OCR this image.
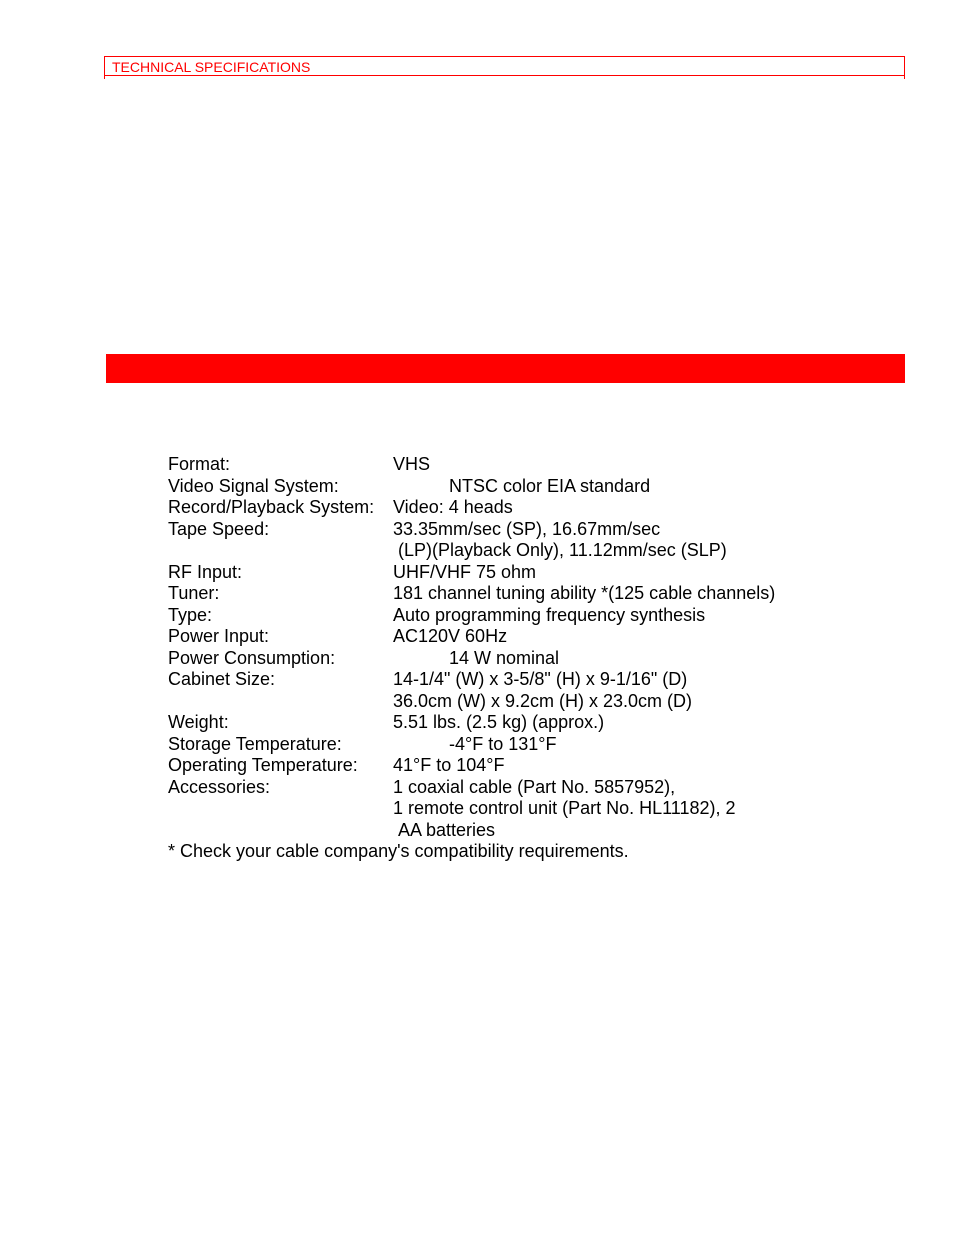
TECHNICAL SPECIFICATIONS
Format:	VHS
Video Signal System:	NTSC color EIA standard
Record/Playback System: Video: 4 heads
Tape Speed:	33.35mm/sec (SP), 16.67mm/sec
(LP)(Playback Only), 11.12mm/sec (SLP)
RF Input:	UHF/VHF 75 ohm
Tuner:	181 channel tuning ability *(125 cable channels)
Type:	Auto programming frequency synthesis
Power Input:	AC120V 60Hz
Power Consumption:	14 W nominal
Cabinet Size:	14-1/4" (W) x 3-5/8" (H) x 9-1/16" (D)
36.0cm (W) x 9.2cm (H) x 23.0cm (D)
Weight:	5.51 lbs. (2.5 kg) (approx.)
Storage Temperature:	-4°F to 131°F
Operating Temperature: 41°F to 104°F
Accessories:	1 coaxial cable (Part No. 5857952),
1 remote control unit (Part No. HL11182), 2
AA batteries
* Check your cable company's compatibility requirements.
